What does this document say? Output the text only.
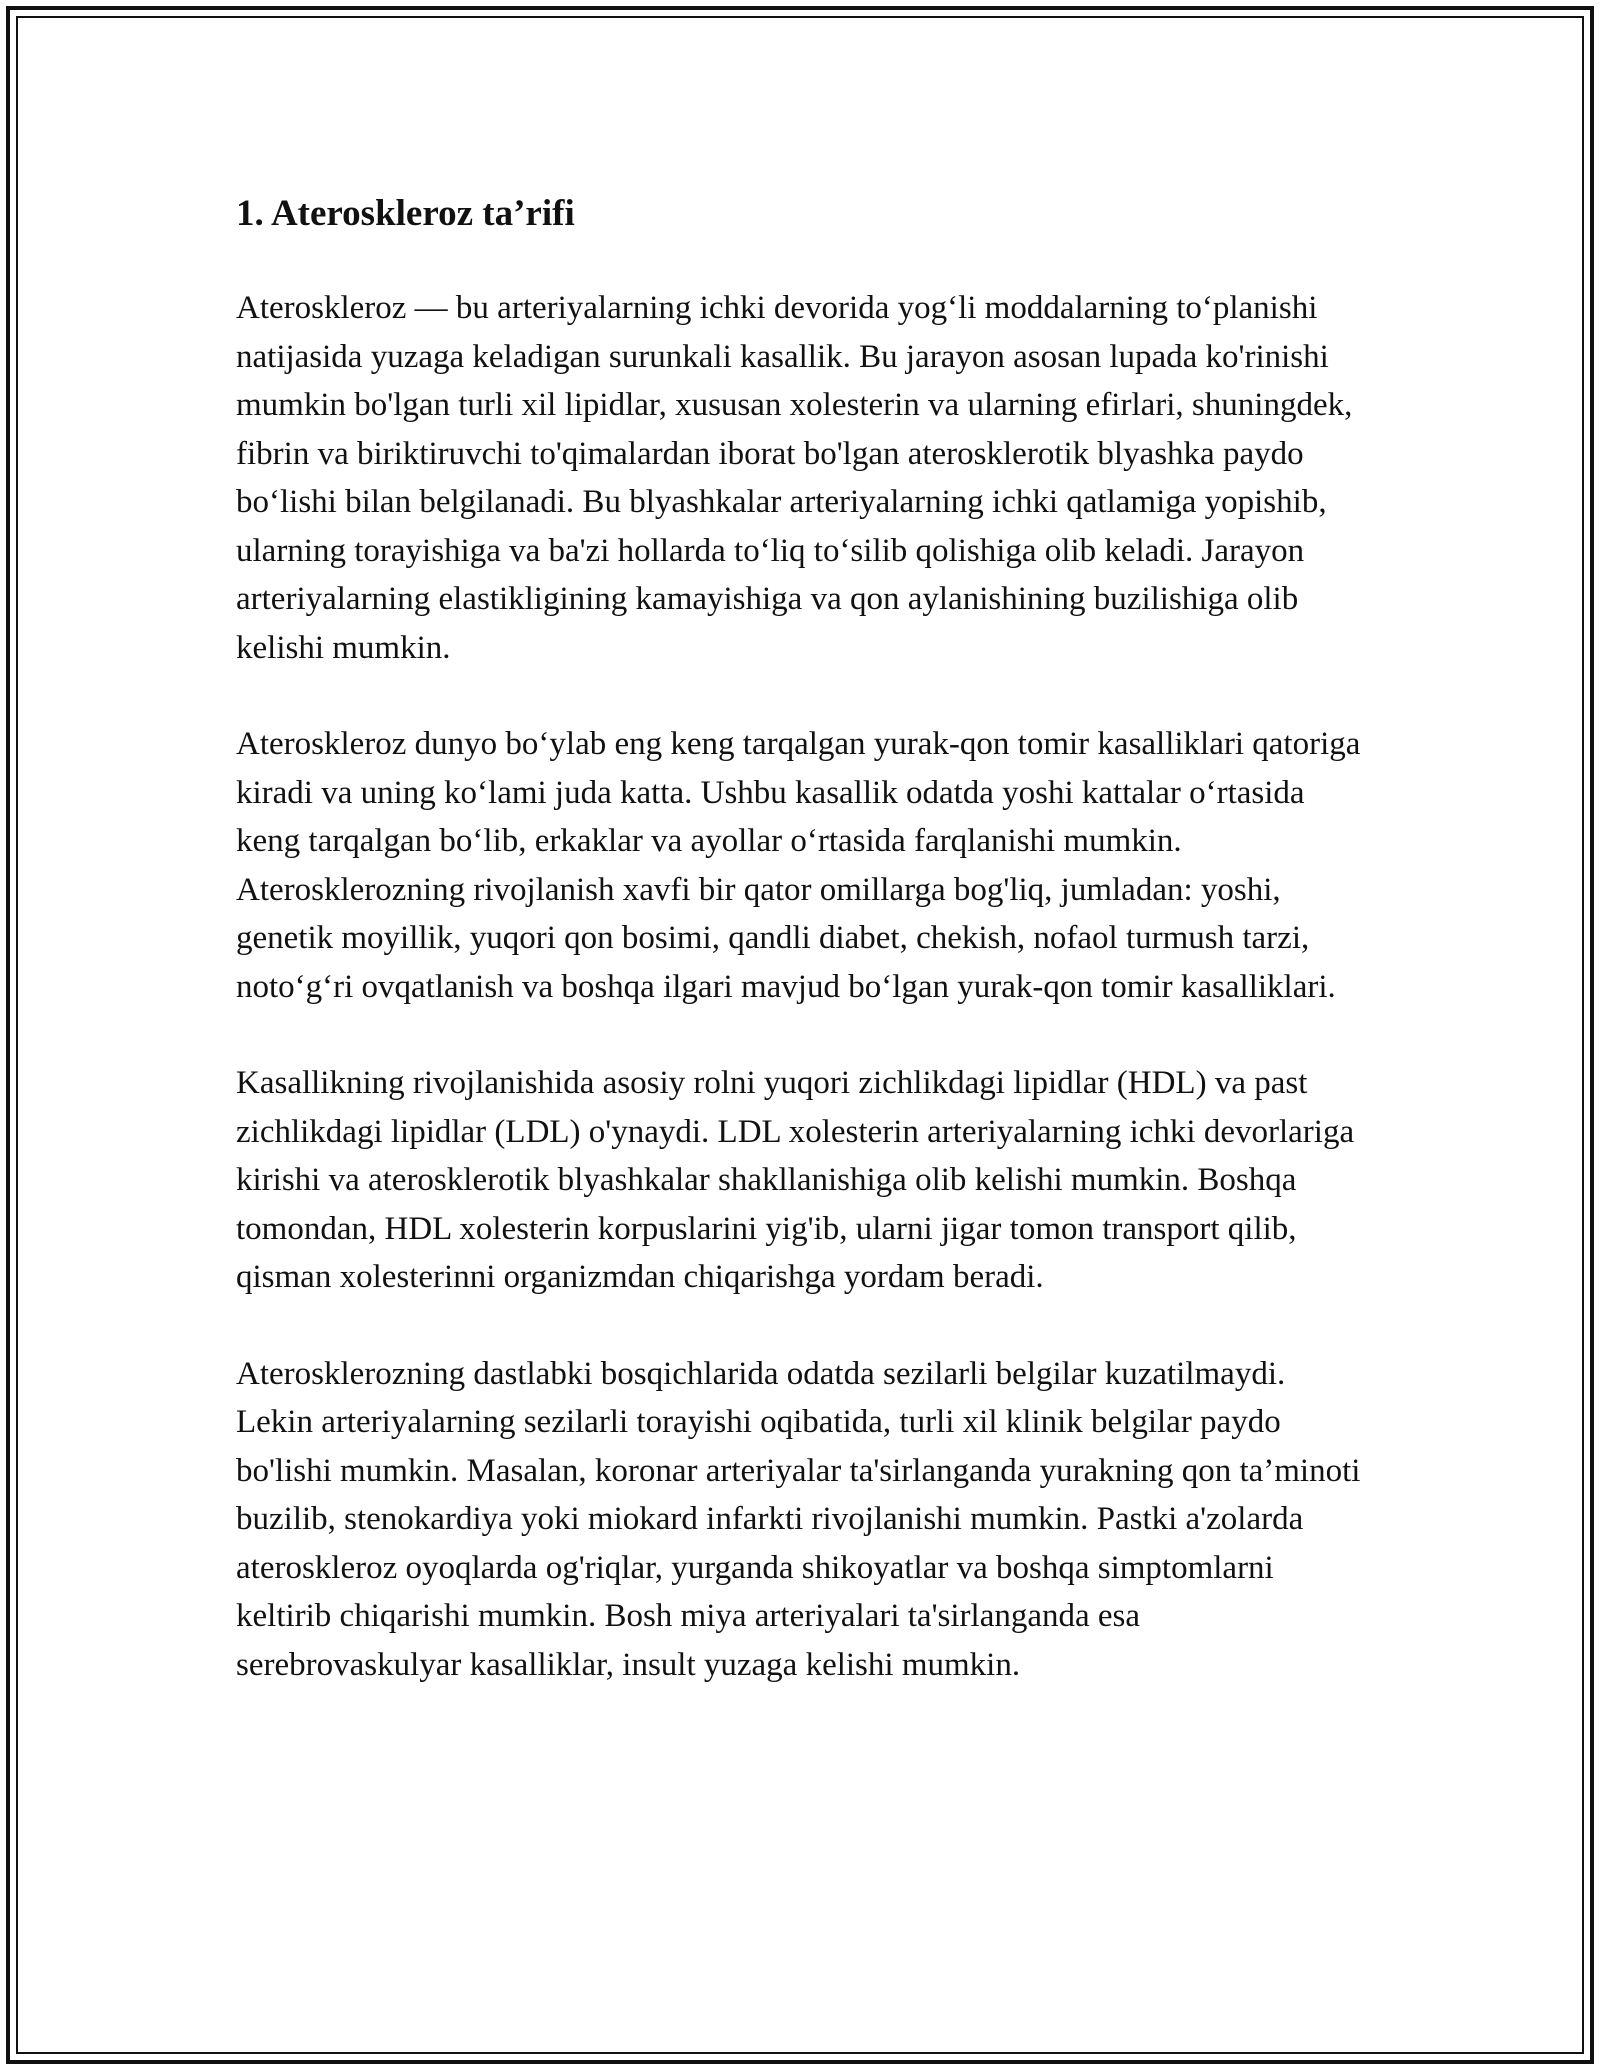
1. Ateroskleroz ta’rifi

Ateroskleroz — bu arteriyalarning ichki devorida yog‘li moddalarning to‘planishi natijasida yuzaga keladigan surunkali kasallik. Bu jarayon asosan lupada ko'rinishi mumkin bo'lgan turli xil lipidlar, xususan xolesterin va ularning efirlari, shuningdek, fibrin va biriktiruvchi to'qimalardan iborat bo'lgan aterosklerotik blyashka paydo bo‘lishi bilan belgilanadi. Bu blyashkalar arteriyalarning ichki qatlamiga yopishib, ularning torayishiga va ba'zi hollarda to‘liq to‘silib qolishiga olib keladi. Jarayon arteriyalarning elastikligining kamayishiga va qon aylanishining buzilishiga olib kelishi mumkin.

Ateroskleroz dunyo bo‘ylab eng keng tarqalgan yurak-qon tomir kasalliklari qatoriga kiradi va uning ko‘lami juda katta. Ushbu kasallik odatda yoshi kattalar o‘rtasida keng tarqalgan bo‘lib, erkaklar va ayollar o‘rtasida farqlanishi mumkin. Aterosklerozning rivojlanish xavfi bir qator omillarga bog'liq, jumladan: yoshi, genetik moyillik, yuqori qon bosimi, qandli diabet, chekish, nofaol turmush tarzi, noto‘g‘ri ovqatlanish va boshqa ilgari mavjud bo‘lgan yurak-qon tomir kasalliklari.

Kasallikning rivojlanishida asosiy rolni yuqori zichlikdagi lipidlar (HDL) va past zichlikdagi lipidlar (LDL) o'ynaydi. LDL xolesterin arteriyalarning ichki devorlariga kirishi va aterosklerotik blyashkalar shakllanishiga olib kelishi mumkin. Boshqa tomondan, HDL xolesterin korpuslarini yig'ib, ularni jigar tomon transport qilib, qisman xolesterinni organizmdan chiqarishga yordam beradi.

Aterosklerozning dastlabki bosqichlarida odatda sezilarli belgilar kuzatilmaydi. Lekin arteriyalarning sezilarli torayishi oqibatida, turli xil klinik belgilar paydo bo'lishi mumkin. Masalan, koronar arteriyalar ta'sirlanganda yurakning qon ta’minoti buzilib, stenokardiya yoki miokard infarkti rivojlanishi mumkin. Pastki a'zolarda ateroskleroz oyoqlarda og'riqlar, yurganda shikoyatlar va boshqa simptomlarni keltirib chiqarishi mumkin. Bosh miya arteriyalari ta'sirlanganda esa serebrovaskulyar kasalliklar, insult yuzaga kelishi mumkin.
